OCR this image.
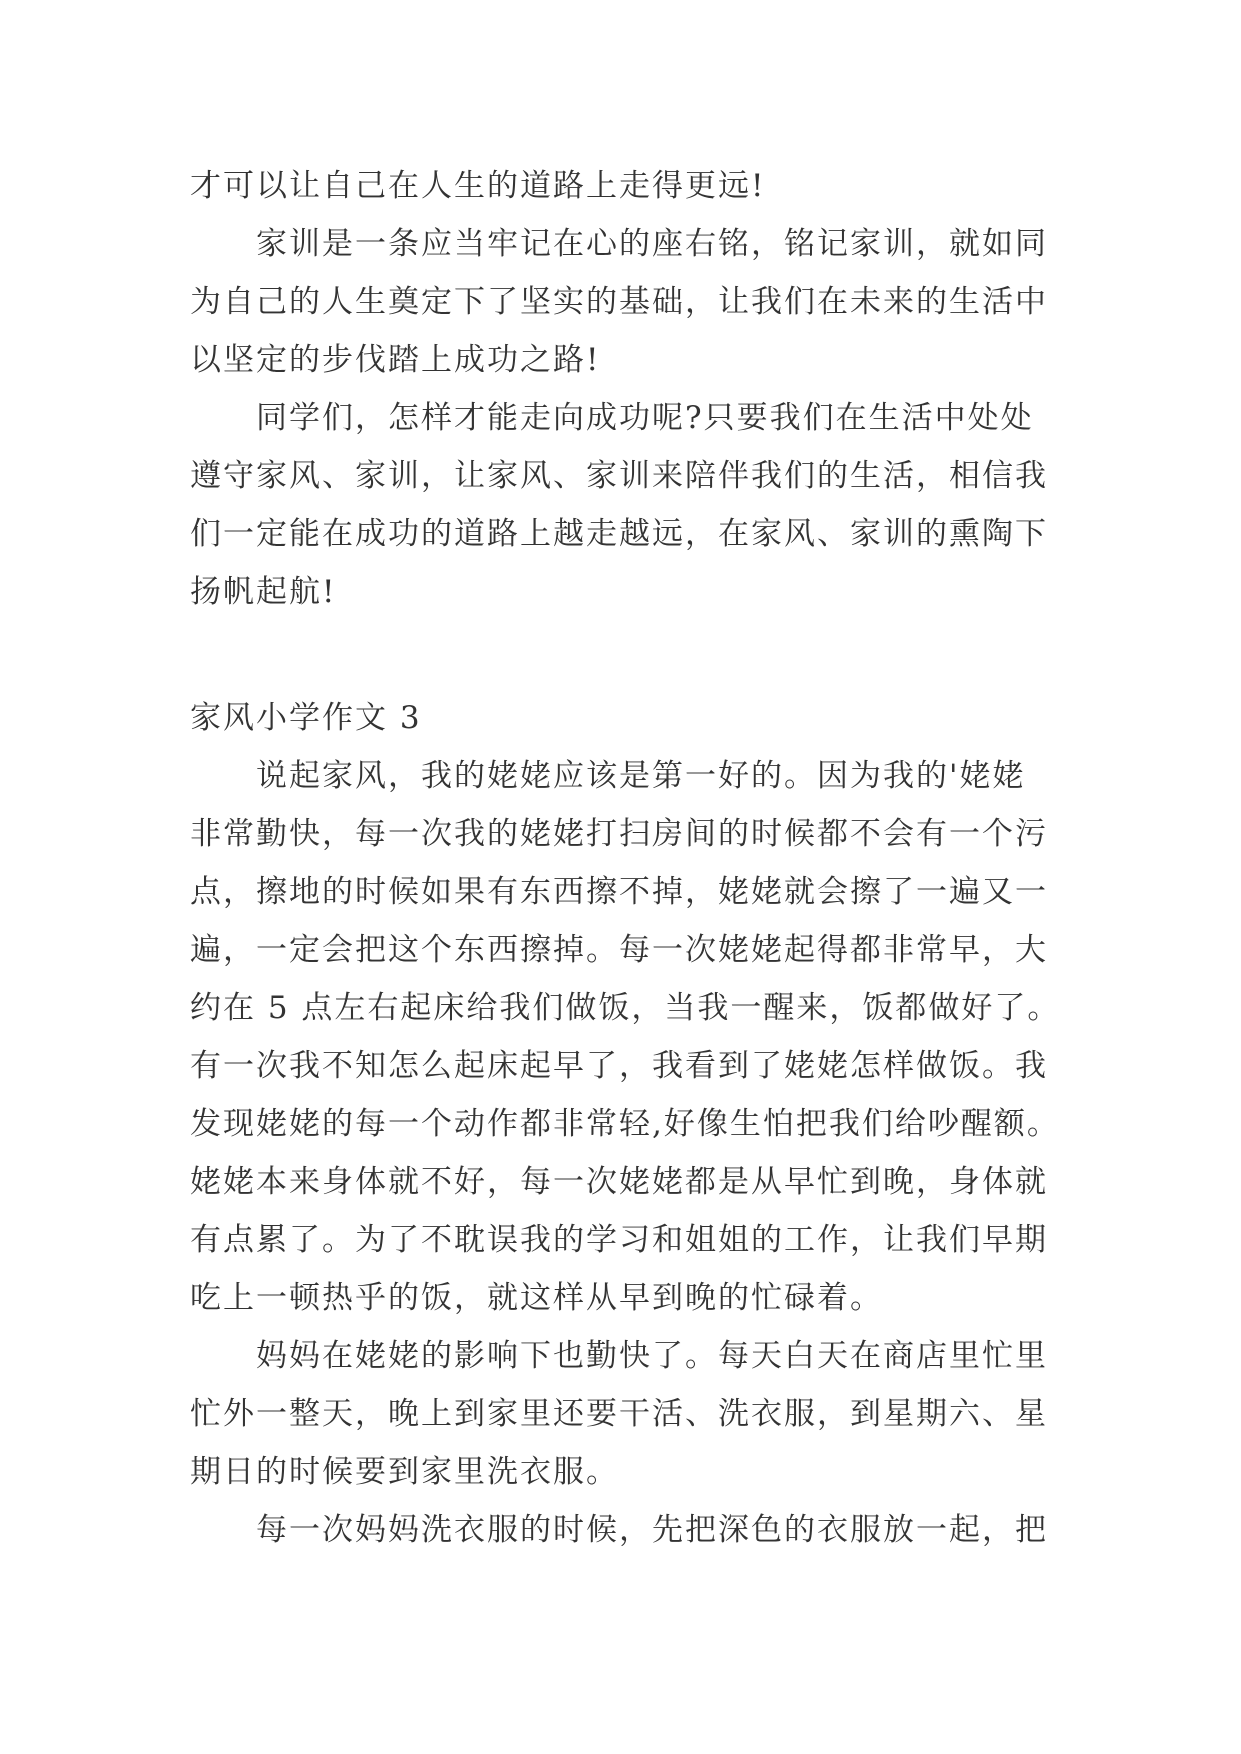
才可以让自己在人生的道路上走得更远!
家训是一条应当牢记在心的座右铭，铭记家训，就如同
为自己的人生奠定下了坚实的基础，让我们在未来的生活中
以坚定的步伐踏上成功之路!
同学们，怎样才能走向成功呢?只要我们在生活中处处
遵守家风、家训，让家风、家训来陪伴我们的生活，相信我
们一定能在成功的道路上越走越远，在家风、家训的熏陶下
扬帆起航!
家风小学作文 3
说起家风，我的姥姥应该是第一好的。因为我的'姥姥
非常勤快，每一次我的姥姥打扫房间的时候都不会有一个污
点，擦地的时候如果有东西擦不掉，姥姥就会擦了一遍又一
遍，一定会把这个东西擦掉。每一次姥姥起得都非常早，大
约在 5 点左右起床给我们做饭，当我一醒来，饭都做好了。
有一次我不知怎么起床起早了，我看到了姥姥怎样做饭。我
发现姥姥的每一个动作都非常轻,好像生怕把我们给吵醒额。
姥姥本来身体就不好，每一次姥姥都是从早忙到晚，身体就
有点累了。为了不耽误我的学习和姐姐的工作，让我们早期
吃上一顿热乎的饭，就这样从早到晚的忙碌着。
妈妈在姥姥的影响下也勤快了。每天白天在商店里忙里
忙外一整天，晚上到家里还要干活、洗衣服，到星期六、星
期日的时候要到家里洗衣服。
每一次妈妈洗衣服的时候，先把深色的衣服放一起，把
